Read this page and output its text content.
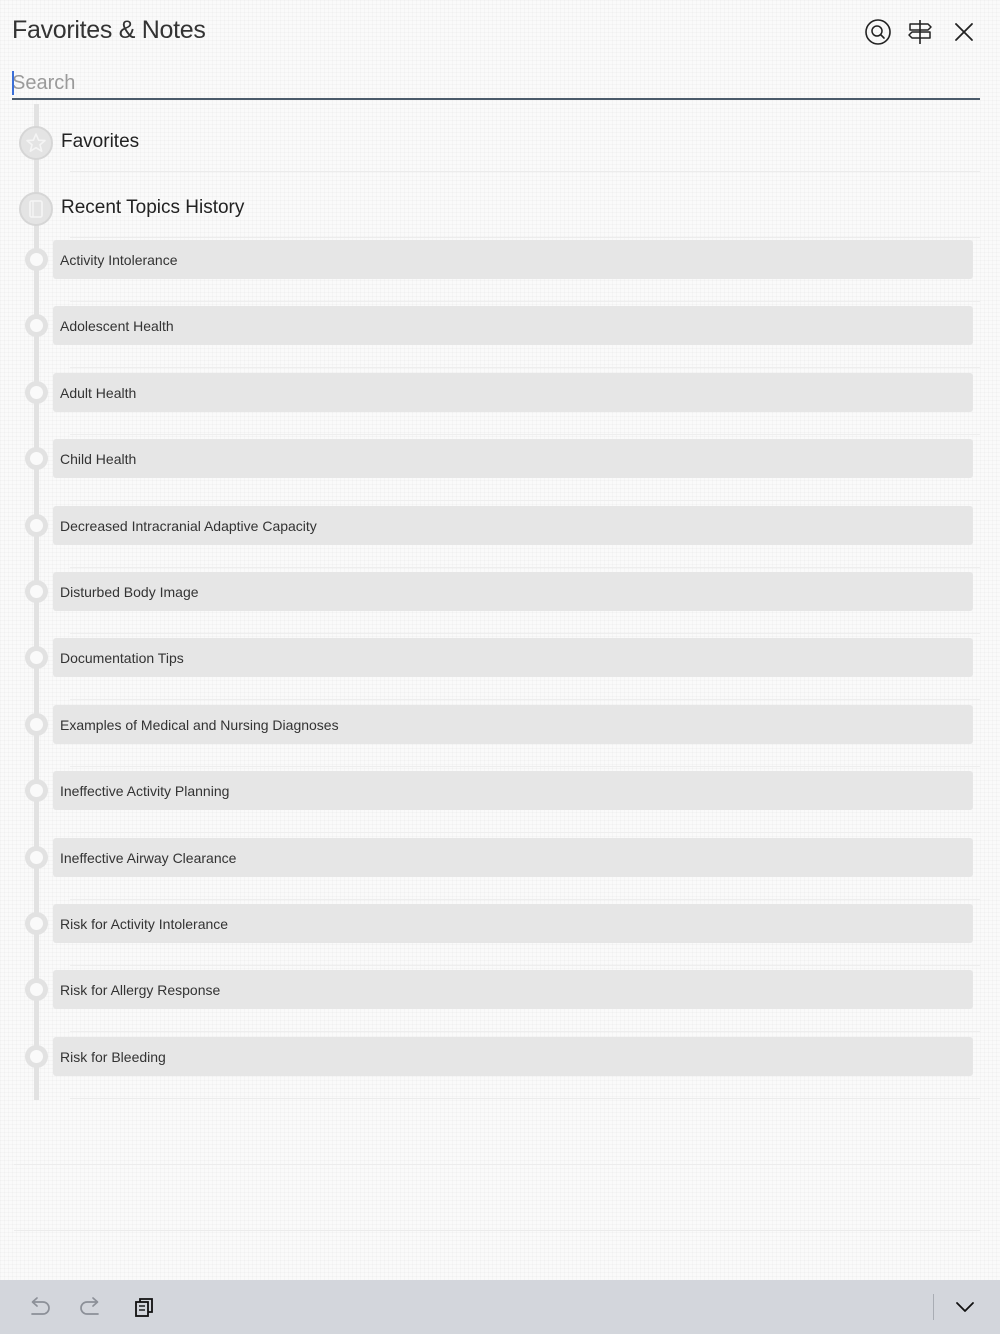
Favorites & Notes
Search
Favorites
Recent Topics History
Activity Intolerance
Adolescent Health
Adult Health
Child Health
Decreased Intracranial Adaptive Capacity
Disturbed Body Image
Documentation Tips
Examples of Medical and Nursing Diagnoses
Ineffective Activity Planning
Ineffective Airway Clearance
Risk for Activity Intolerance
Risk for Allergy Response
Risk for Bleeding
